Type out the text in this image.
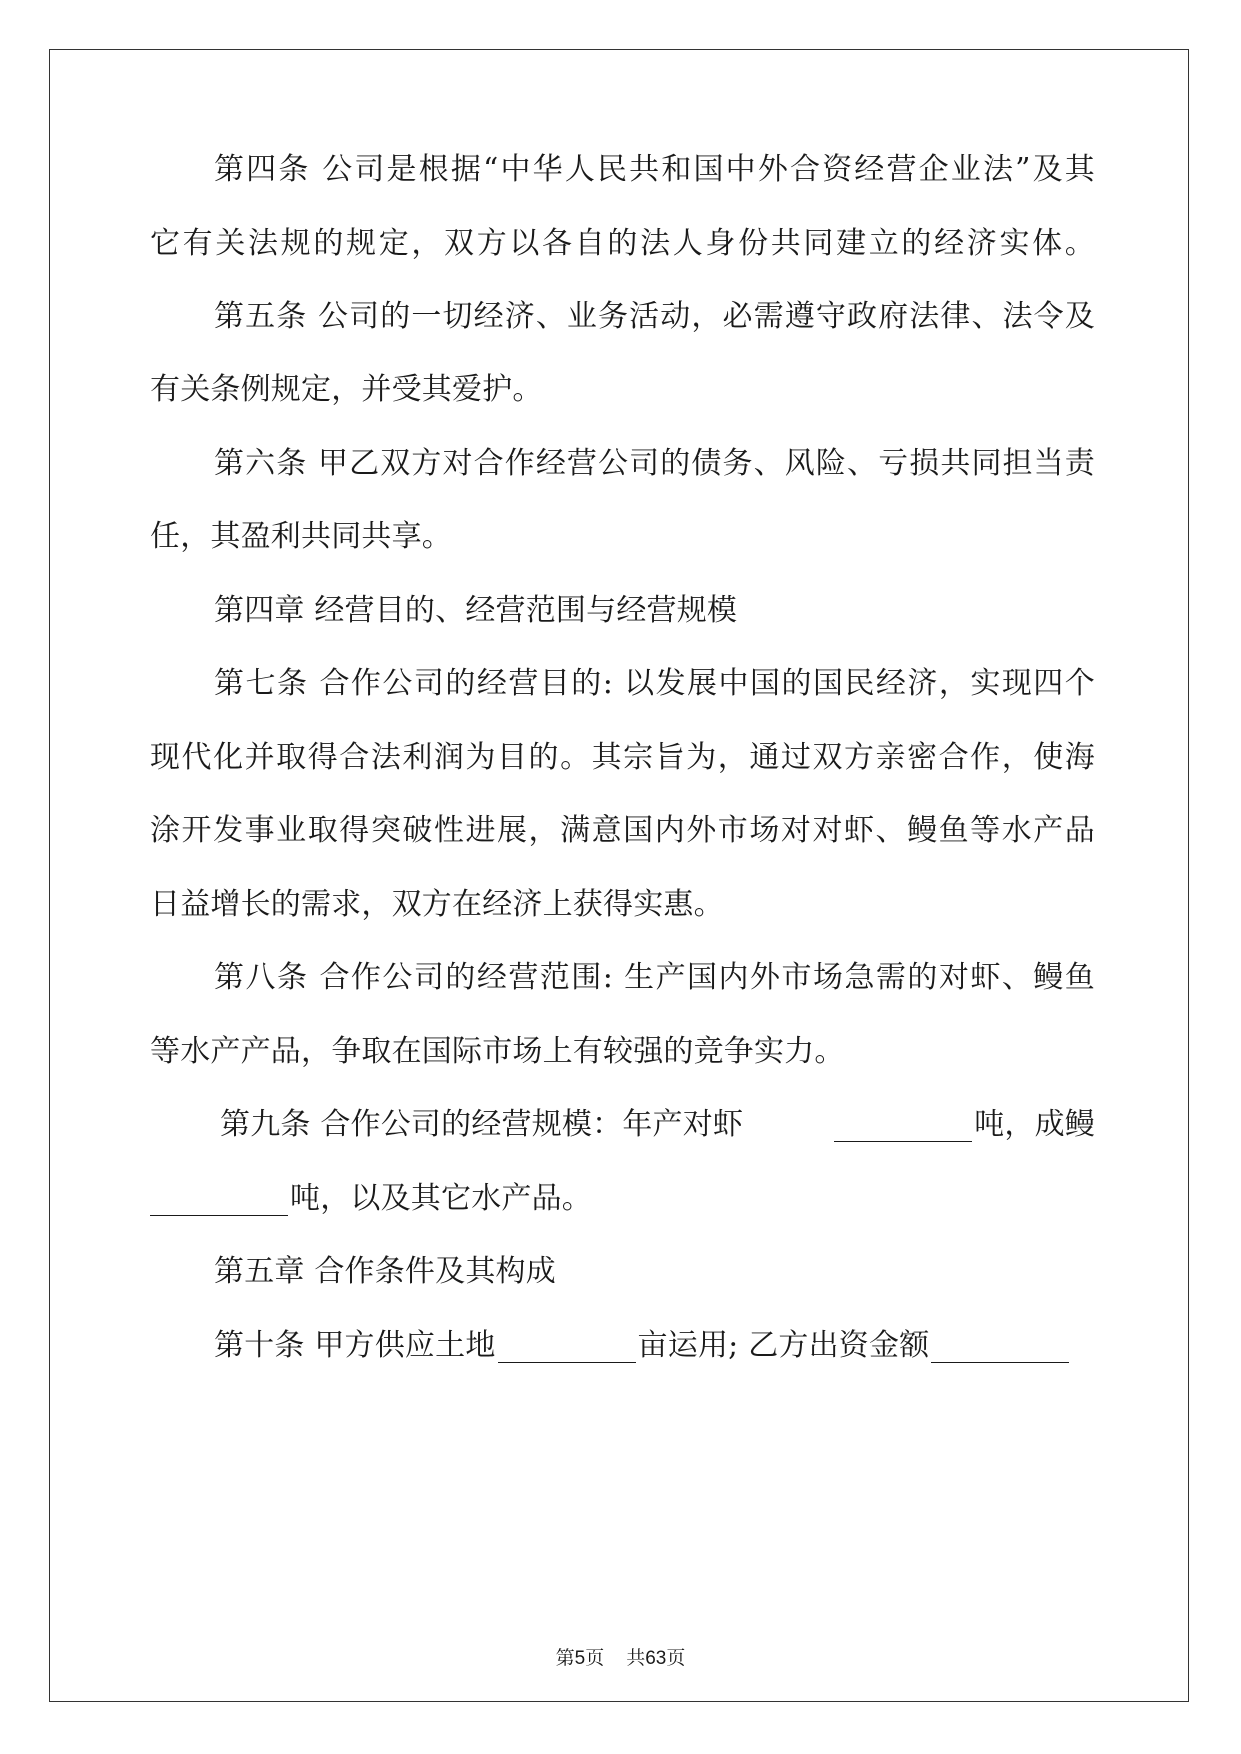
第四条 公司是根据“中华人民共和国中外合资经营企业法”及其
它有关法规的规定，双方以各自的法人身份共同建立的经济实体。
第五条 公司的一切经济、业务活动，必需遵守政府法律、法令及
有关条例规定，并受其爱护。
第六条 甲乙双方对合作经营公司的债务、风险、亏损共同担当责
任，其盈利共同共享。
第四章 经营目的、经营范围与经营规模
第七条 合作公司的经营目的: 以发展中国的国民经济，实现四个
现代化并取得合法利润为目的。其宗旨为，通过双方亲密合作，使海
涂开发事业取得突破性进展，满意国内外市场对对虾、鳗鱼等水产品
日益增长的需求，双方在经济上获得实惠。
第八条 合作公司的经营范围: 生产国内外市场急需的对虾、鳗鱼
等水产产品，争取在国际市场上有较强的竞争实力。
第九条 合作公司的经营规模：年产对虾	吨，成鳗
吨，以及其它水产品。
第五章 合作条件及其构成
第十条 甲方供应土地	亩运用; 乙方出资金额
第5页 共63页
